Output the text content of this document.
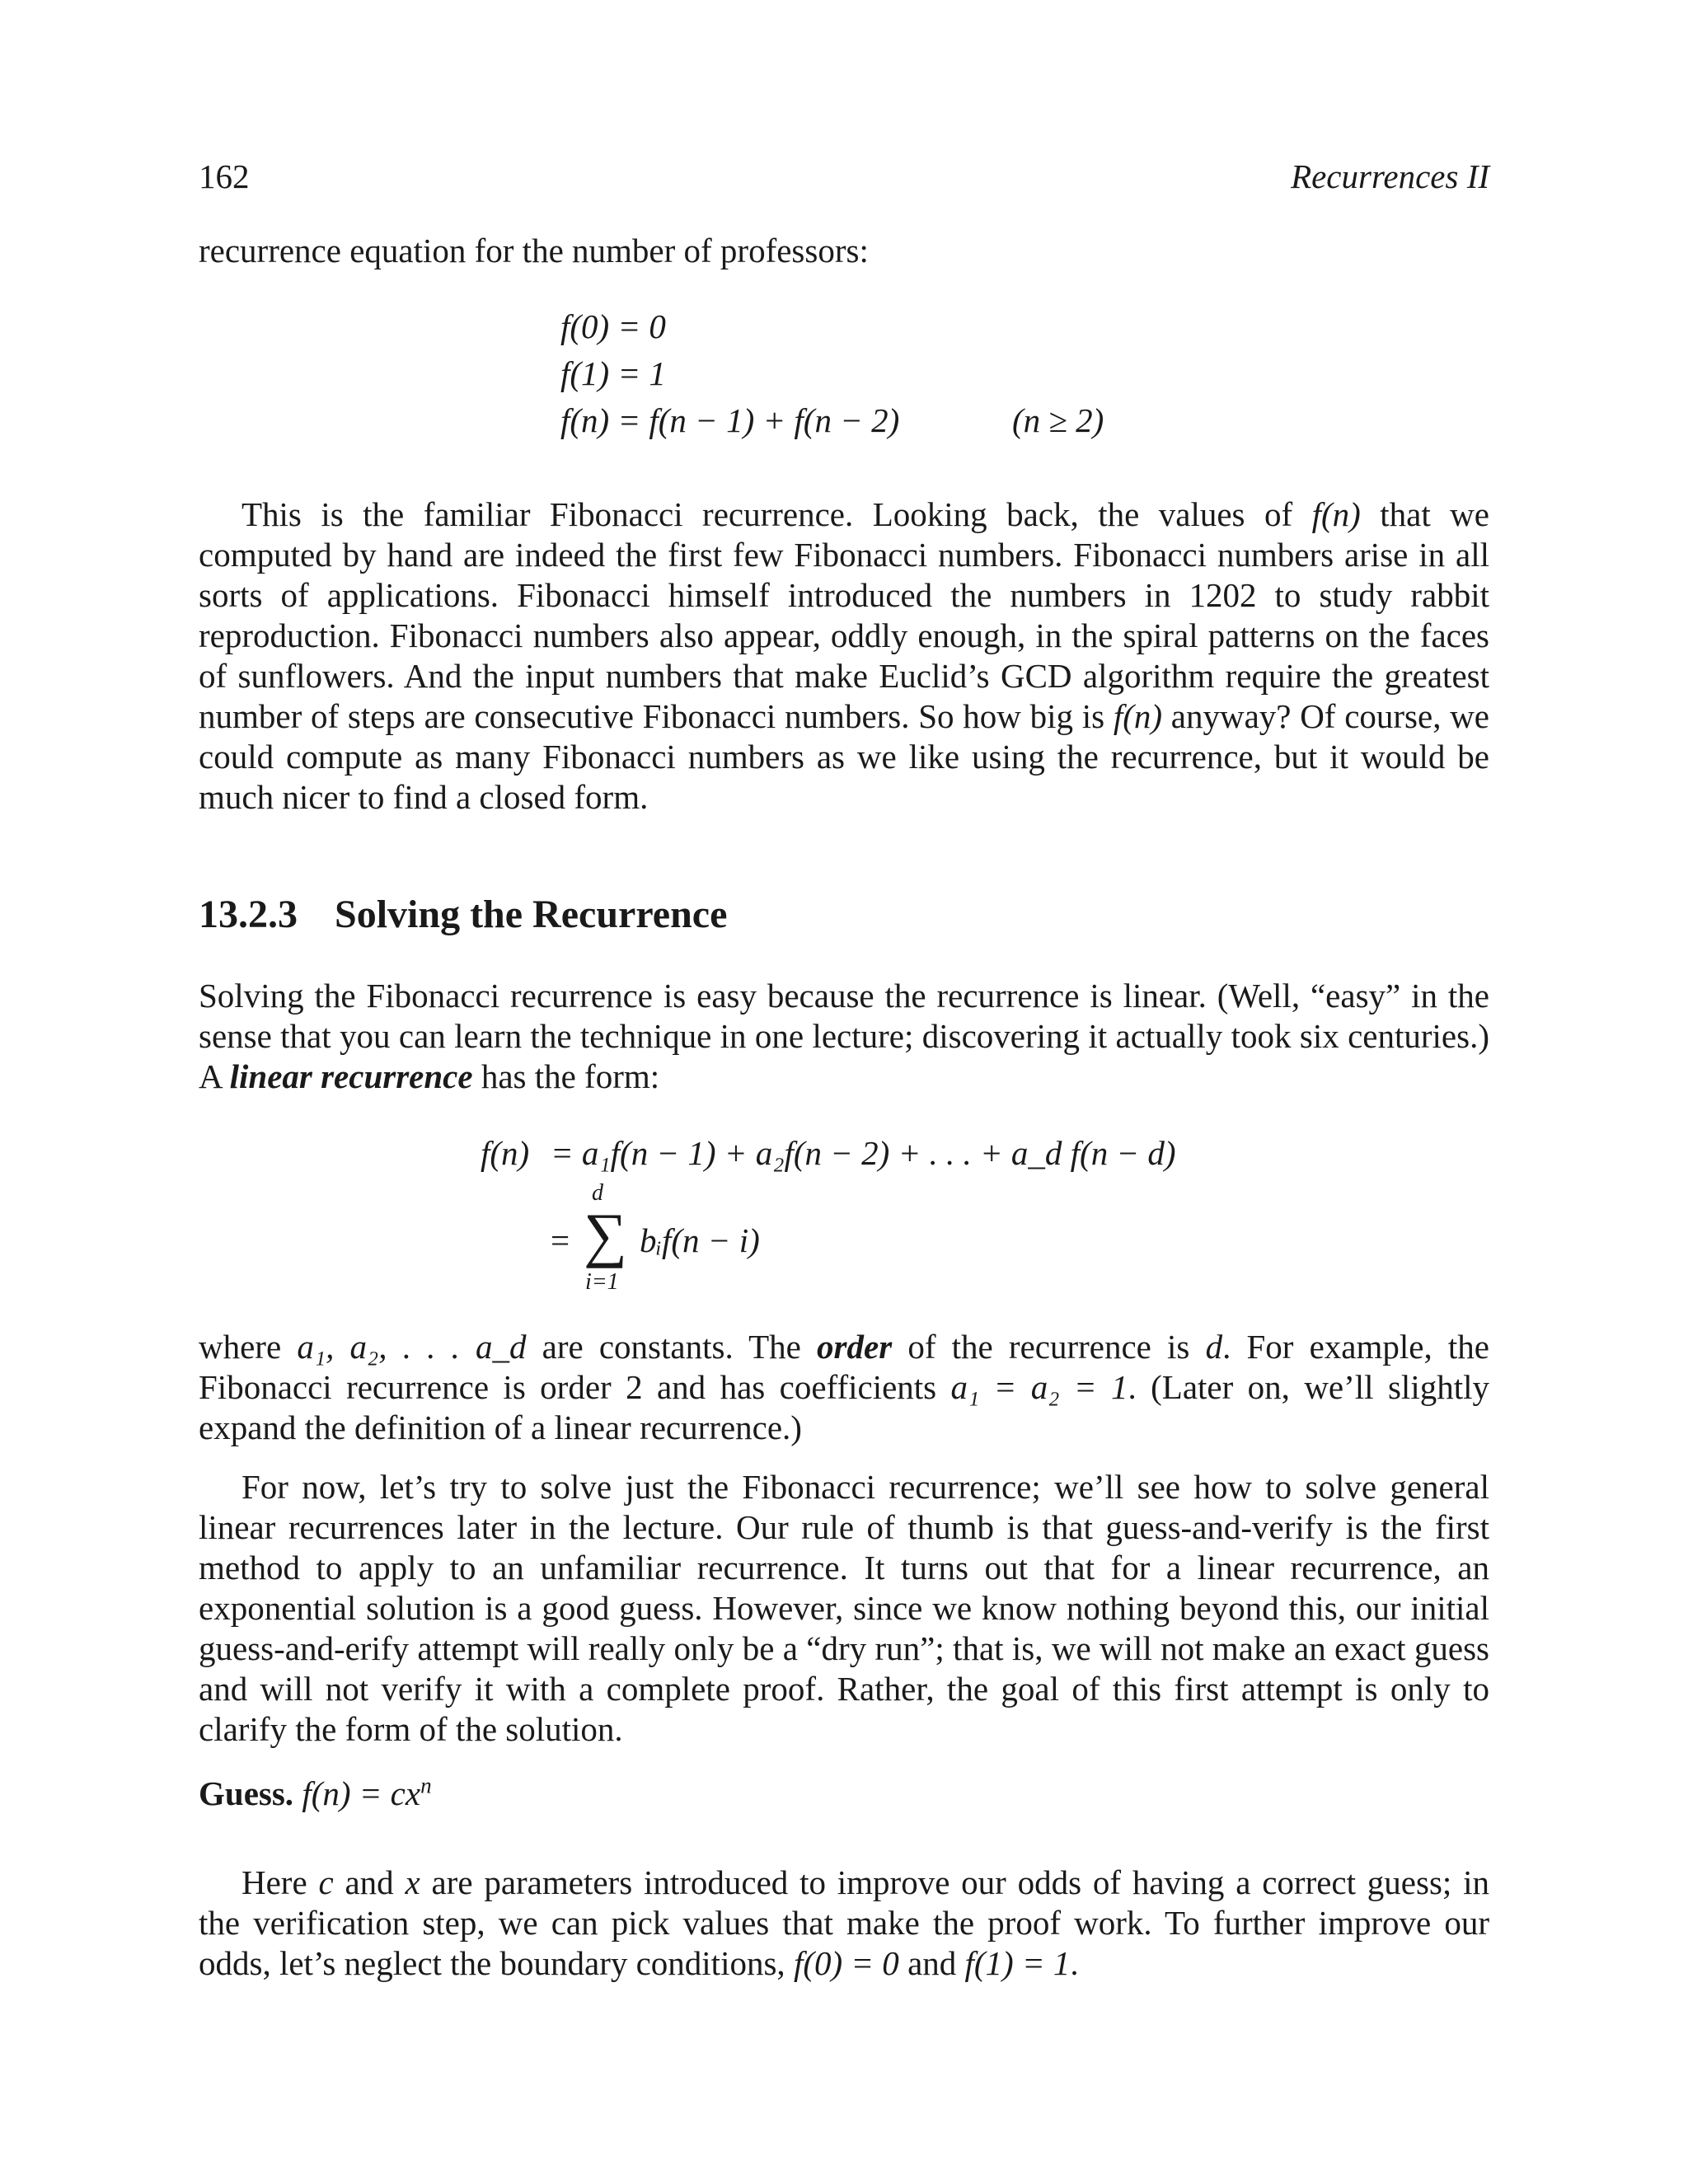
162	Recurrences II
recurrence equation for the number of professors:
f(0) = 0
f(1) = 1
f(n) = f(n − 1) + f(n − 2)	(n ≥ 2)
This is the familiar Fibonacci recurrence. Looking back, the values of f(n) that we computed by hand are indeed the first few Fibonacci numbers. Fibonacci numbers arise in all sorts of applications. Fibonacci himself introduced the numbers in 1202 to study rabbit reproduction. Fibonacci numbers also appear, oddly enough, in the spiral patterns on the faces of sunflowers. And the input numbers that make Euclid’s GCD algorithm require the greatest number of steps are consecutive Fibonacci numbers. So how big is f(n) anyway? Of course, we could compute as many Fibonacci numbers as we like using the recurrence, but it would be much nicer to find a closed form.
13.2.3 Solving the Recurrence
Solving the Fibonacci recurrence is easy because the recurrence is linear. (Well, “easy” in the sense that you can learn the technique in one lecture; discovering it actually took six centuries.) A linear recurrence has the form:
f(n) = a₁f(n − 1) + a₂f(n − 2) + . . . + a_d f(n − d)
=
d
∑
i=1
bᵢf(n − i)
where a₁, a₂, . . . a_d are constants. The order of the recurrence is d. For example, the Fibonacci recurrence is order 2 and has coefficients a₁ = a₂ = 1. (Later on, we’ll slightly expand the definition of a linear recurrence.)
For now, let’s try to solve just the Fibonacci recurrence; we’ll see how to solve general linear recurrences later in the lecture. Our rule of thumb is that guess-and-verify is the first method to apply to an unfamiliar recurrence. It turns out that for a linear recurrence, an exponential solution is a good guess. However, since we know nothing beyond this, our initial guess-and-erify attempt will really only be a “dry run”; that is, we will not make an exact guess and will not verify it with a complete proof. Rather, the goal of this first attempt is only to clarify the form of the solution.
Guess. $f(n) = cx^n$
Here c and x are parameters introduced to improve our odds of having a correct guess; in the verification step, we can pick values that make the proof work. To further improve our odds, let’s neglect the boundary conditions, f(0) = 0 and f(1) = 1.
